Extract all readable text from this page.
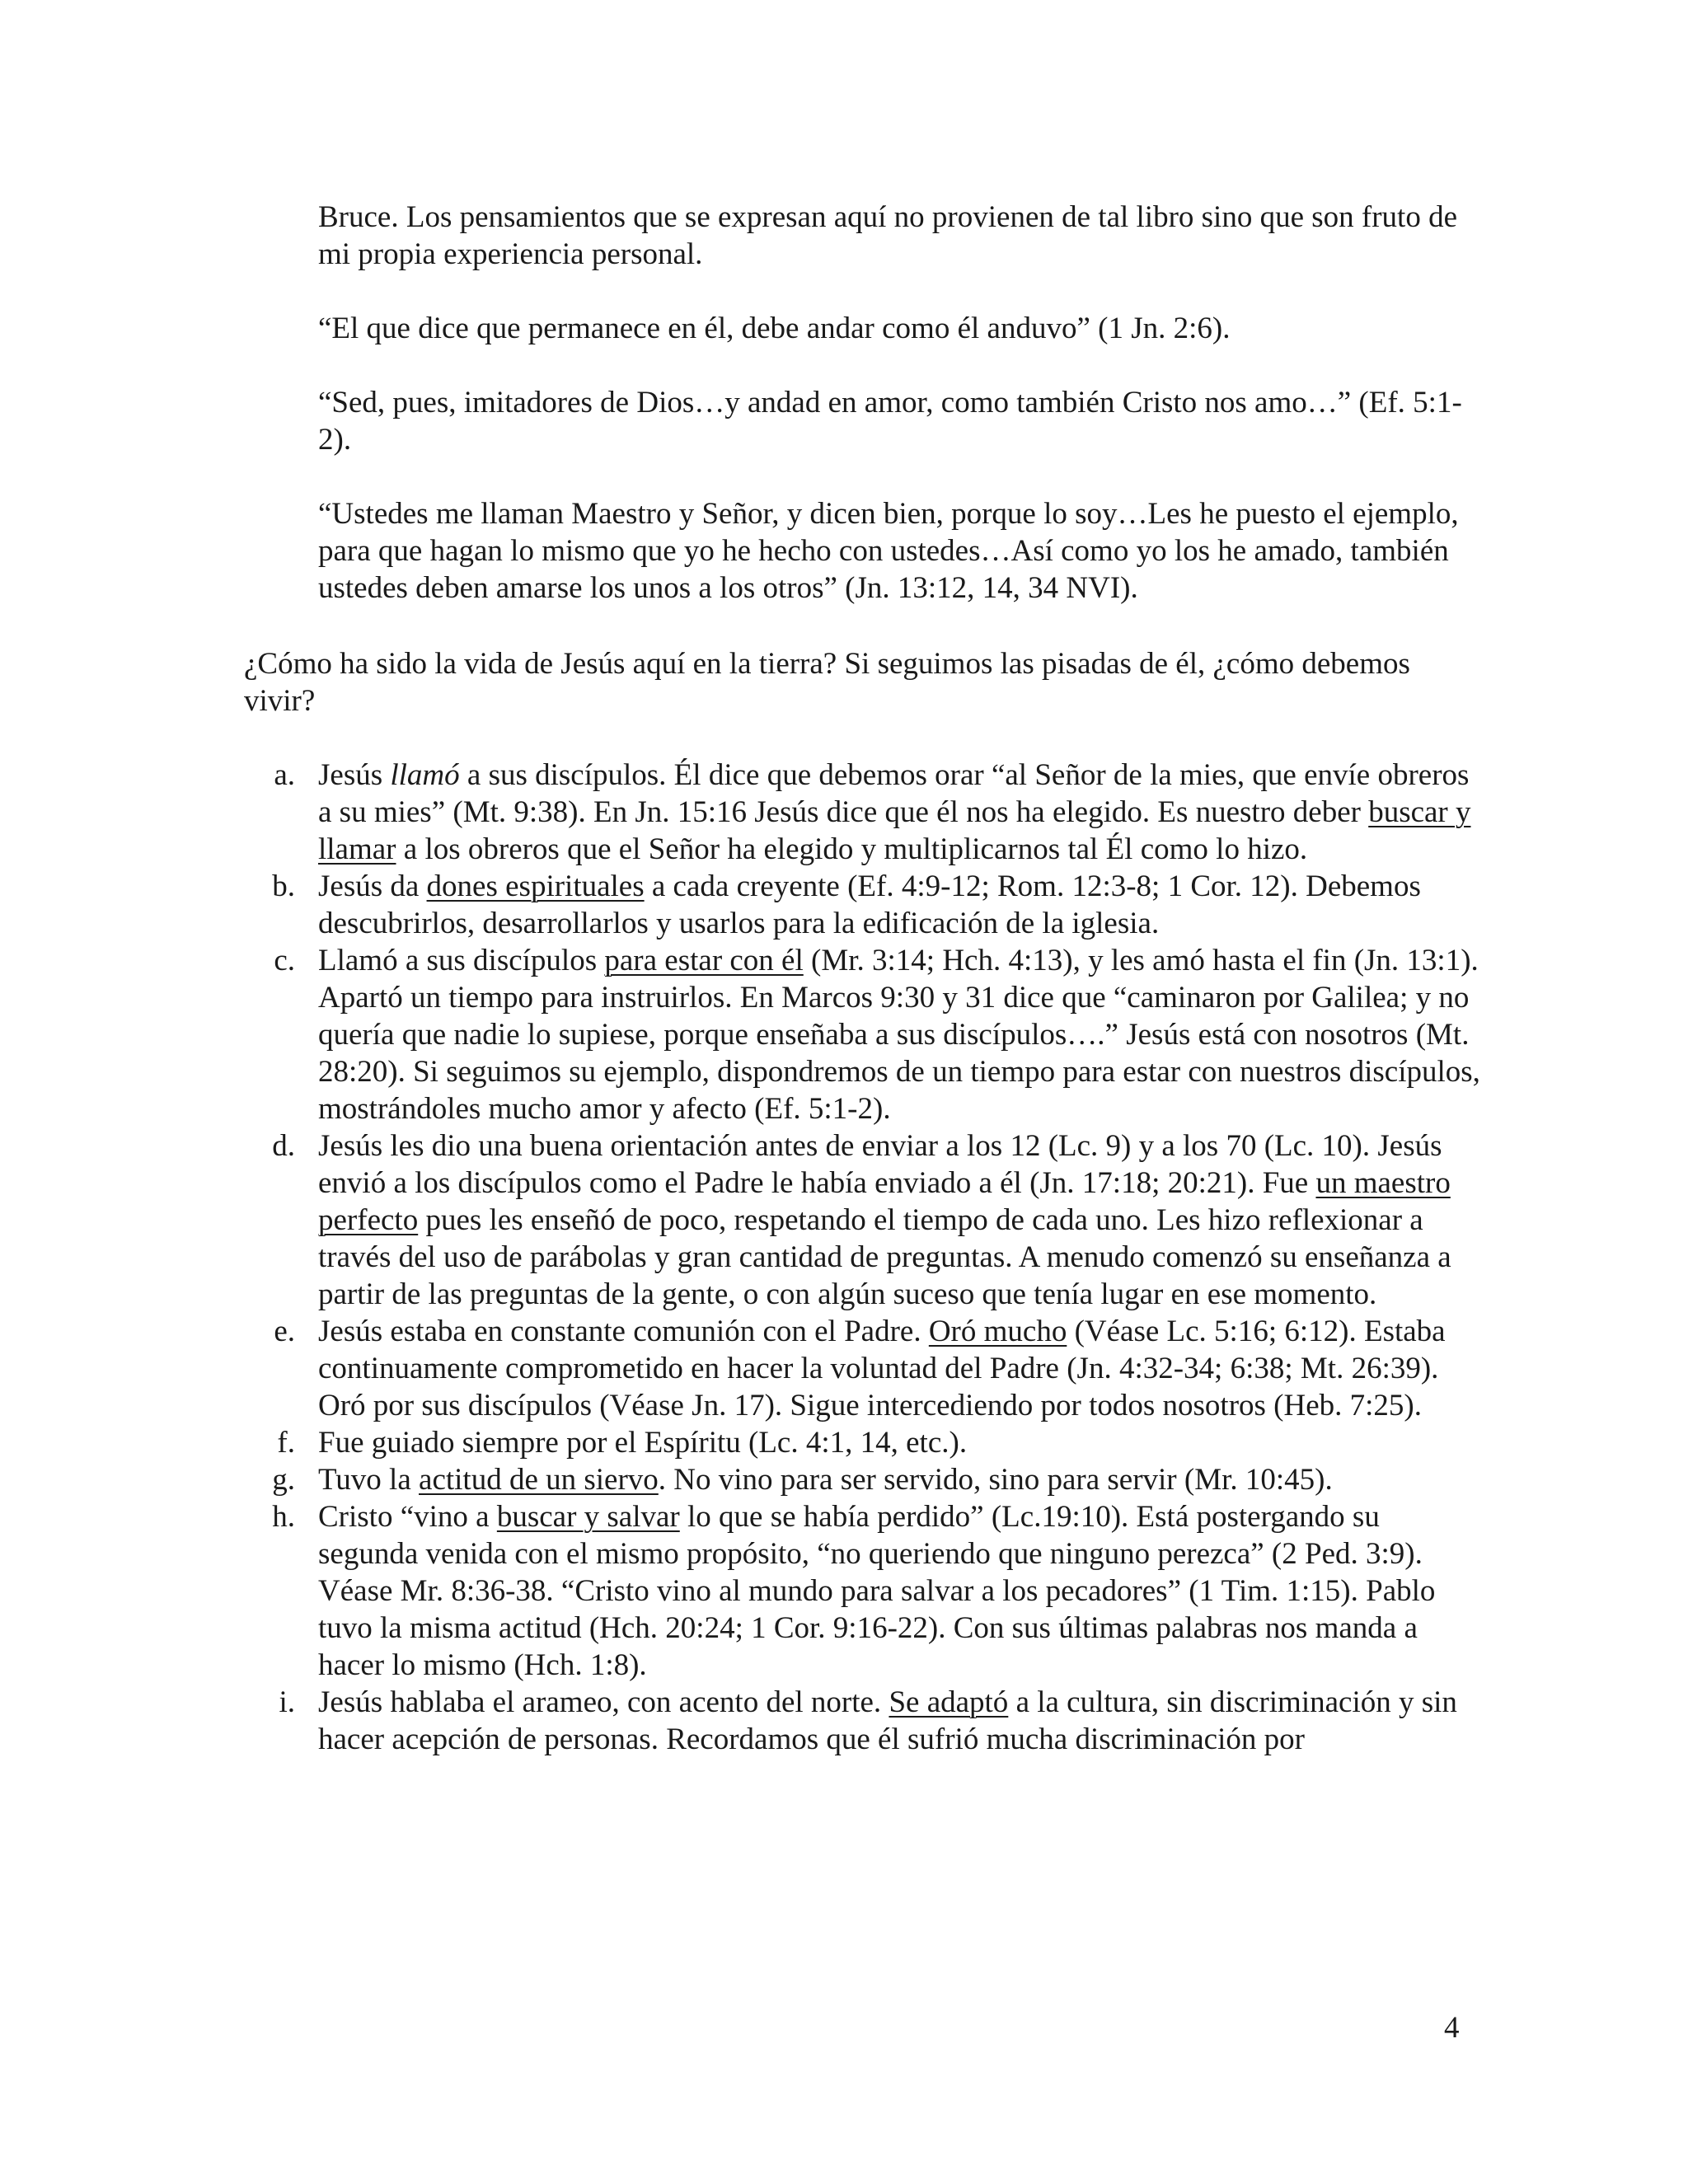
Bruce. Los pensamientos que se expresan aquí no provienen de tal libro sino que son fruto de mi propia experiencia personal.

“El que dice que permanece en él, debe andar como él anduvo” (1 Jn. 2:6).

“Sed, pues, imitadores de Dios…y andad en amor, como también Cristo nos amo…” (Ef. 5:1-2).

“Ustedes me llaman Maestro y Señor, y dicen bien, porque lo soy…Les he puesto el ejemplo, para que hagan lo mismo que yo he hecho con ustedes…Así como yo los he amado, también ustedes deben amarse los unos a los otros” (Jn. 13:12, 14, 34 NVI).

¿Cómo ha sido la vida de Jesús aquí en la tierra? Si seguimos las pisadas de él, ¿cómo debemos vivir?

a. Jesús llamó a sus discípulos. Él dice que debemos orar “al Señor de la mies, que envíe obreros a su mies” (Mt. 9:38). En Jn. 15:16 Jesús dice que él nos ha elegido. Es nuestro deber buscar y llamar a los obreros que el Señor ha elegido y multiplicarnos tal Él como lo hizo.
b. Jesús da dones espirituales a cada creyente (Ef. 4:9-12; Rom. 12:3-8; 1 Cor. 12). Debemos descubrirlos, desarrollarlos y usarlos para la edificación de la iglesia.
c. Llamó a sus discípulos para estar con él (Mr. 3:14; Hch. 4:13), y les amó hasta el fin (Jn. 13:1). Apartó un tiempo para instruirlos. En Marcos 9:30 y 31 dice que “caminaron por Galilea; y no quería que nadie lo supiese, porque enseñaba a sus discípulos….” Jesús está con nosotros (Mt. 28:20). Si seguimos su ejemplo, dispondremos de un tiempo para estar con nuestros discípulos, mostrándoles mucho amor y afecto (Ef. 5:1-2).
d. Jesús les dio una buena orientación antes de enviar a los 12 (Lc. 9) y a los 70 (Lc. 10). Jesús envió a los discípulos como el Padre le había enviado a él (Jn. 17:18; 20:21). Fue un maestro perfecto pues les enseñó de poco, respetando el tiempo de cada uno. Les hizo reflexionar a través del uso de parábolas y gran cantidad de preguntas. A menudo comenzó su enseñanza a partir de las preguntas de la gente, o con algún suceso que tenía lugar en ese momento.
e. Jesús estaba en constante comunión con el Padre. Oró mucho (Véase Lc. 5:16; 6:12). Estaba continuamente comprometido en hacer la voluntad del Padre (Jn. 4:32-34; 6:38; Mt. 26:39). Oró por sus discípulos (Véase Jn. 17). Sigue intercediendo por todos nosotros (Heb. 7:25).
f. Fue guiado siempre por el Espíritu (Lc. 4:1, 14, etc.).
g. Tuvo la actitud de un siervo. No vino para ser servido, sino para servir (Mr. 10:45).
h. Cristo “vino a buscar y salvar lo que se había perdido” (Lc.19:10). Está postergando su segunda venida con el mismo propósito, “no queriendo que ninguno perezca” (2 Ped. 3:9). Véase Mr. 8:36-38. “Cristo vino al mundo para salvar a los pecadores” (1 Tim. 1:15). Pablo tuvo la misma actitud (Hch. 20:24; 1 Cor. 9:16-22). Con sus últimas palabras nos manda a hacer lo mismo (Hch. 1:8).
i. Jesús hablaba el arameo, con acento del norte. Se adaptó a la cultura, sin discriminación y sin hacer acepción de personas. Recordamos que él sufrió mucha discriminación por
4
